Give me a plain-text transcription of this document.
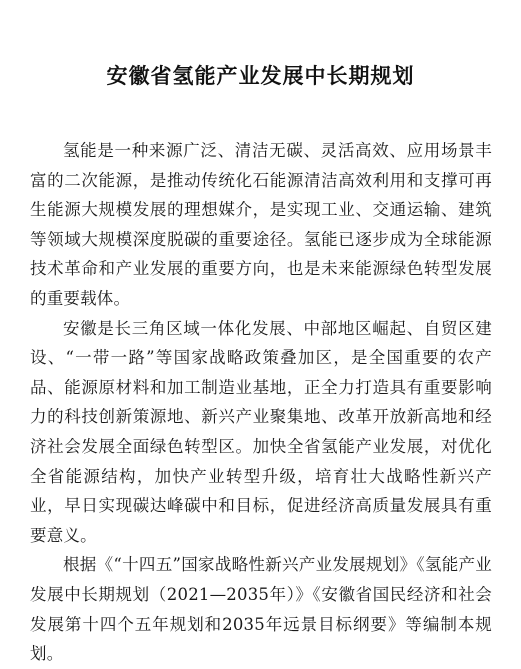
安徽省氢能产业发展中长期规划

氢能是一种来源广泛、清洁无碳、灵活高效、应用场景丰富的二次能源，是推动传统化石能源清洁高效利用和支撑可再生能源大规模发展的理想媒介，是实现工业、交通运输、建筑等领域大规模深度脱碳的重要途径。氢能已逐步成为全球能源技术革命和产业发展的重要方向，也是未来能源绿色转型发展的重要载体。

安徽是长三角区域一体化发展、中部地区崛起、自贸区建设、“一带一路”等国家战略政策叠加区，是全国重要的农产品、能源原材料和加工制造业基地，正全力打造具有重要影响力的科技创新策源地、新兴产业聚集地、改革开放新高地和经济社会发展全面绿色转型区。加快全省氢能产业发展，对优化全省能源结构，加快产业转型升级，培育壮大战略性新兴产业，早日实现碳达峰碳中和目标，促进经济高质量发展具有重要意义。

根据《“十四五”国家战略性新兴产业发展规划》《氢能产业发展中长期规划（2021—2035年）》《安徽省国民经济和社会发展第十四个五年规划和2035年远景目标纲要》等编制本规划。
